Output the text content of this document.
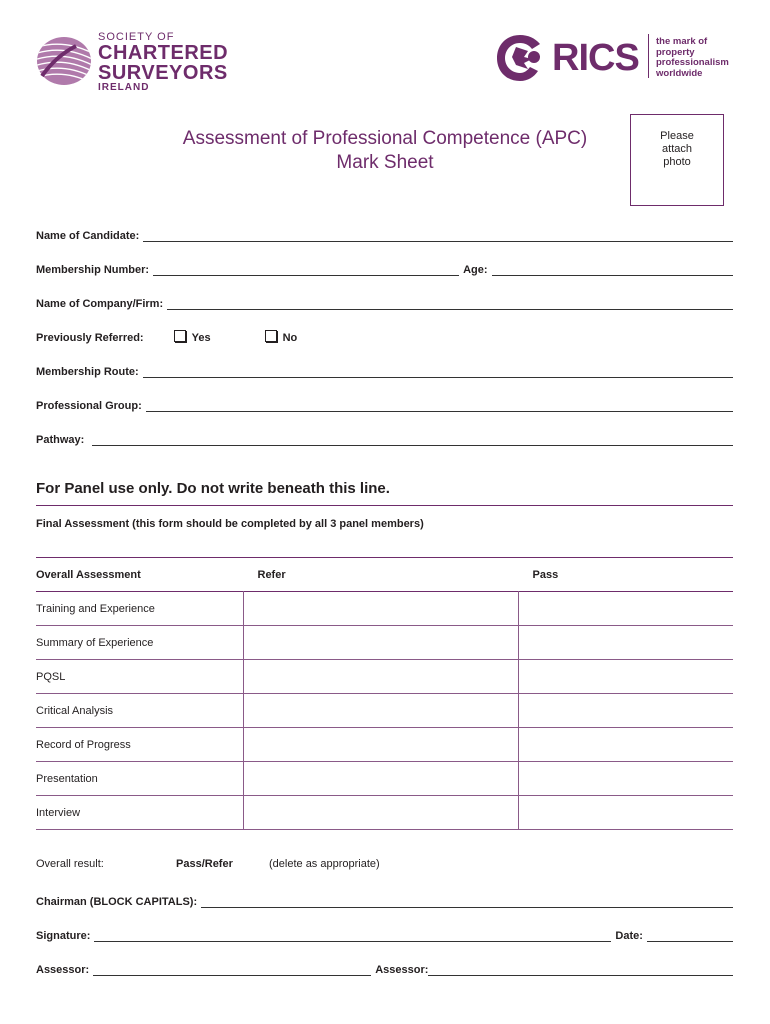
SOCIETY OF
CHARTERED
SURVEYORS
IRELAND
RICS the mark of
property
professionalism
worldwide
Assessment of Professional Competence (APC)
Mark Sheet
Please
attach
photo
Name of Candidate:
Membership Number:	Age:
Name of Company/Firm:
Previously Referred:	Yes	No
Membership Route:
Professional Group:
Pathway:
For Panel use only. Do not write beneath this line.
Final Assessment (this form should be completed by all 3 panel members)
Overall Assessment	Refer	Pass
Training and Experience		
Summary of Experience		
PQSL		
Critical Analysis		
Record of Progress		
Presentation		
Interview		
Overall result:	Pass/Refer	(delete as appropriate)
Chairman (BLOCK CAPITALS):
Signature:	Date:
Assessor:	Assessor:
